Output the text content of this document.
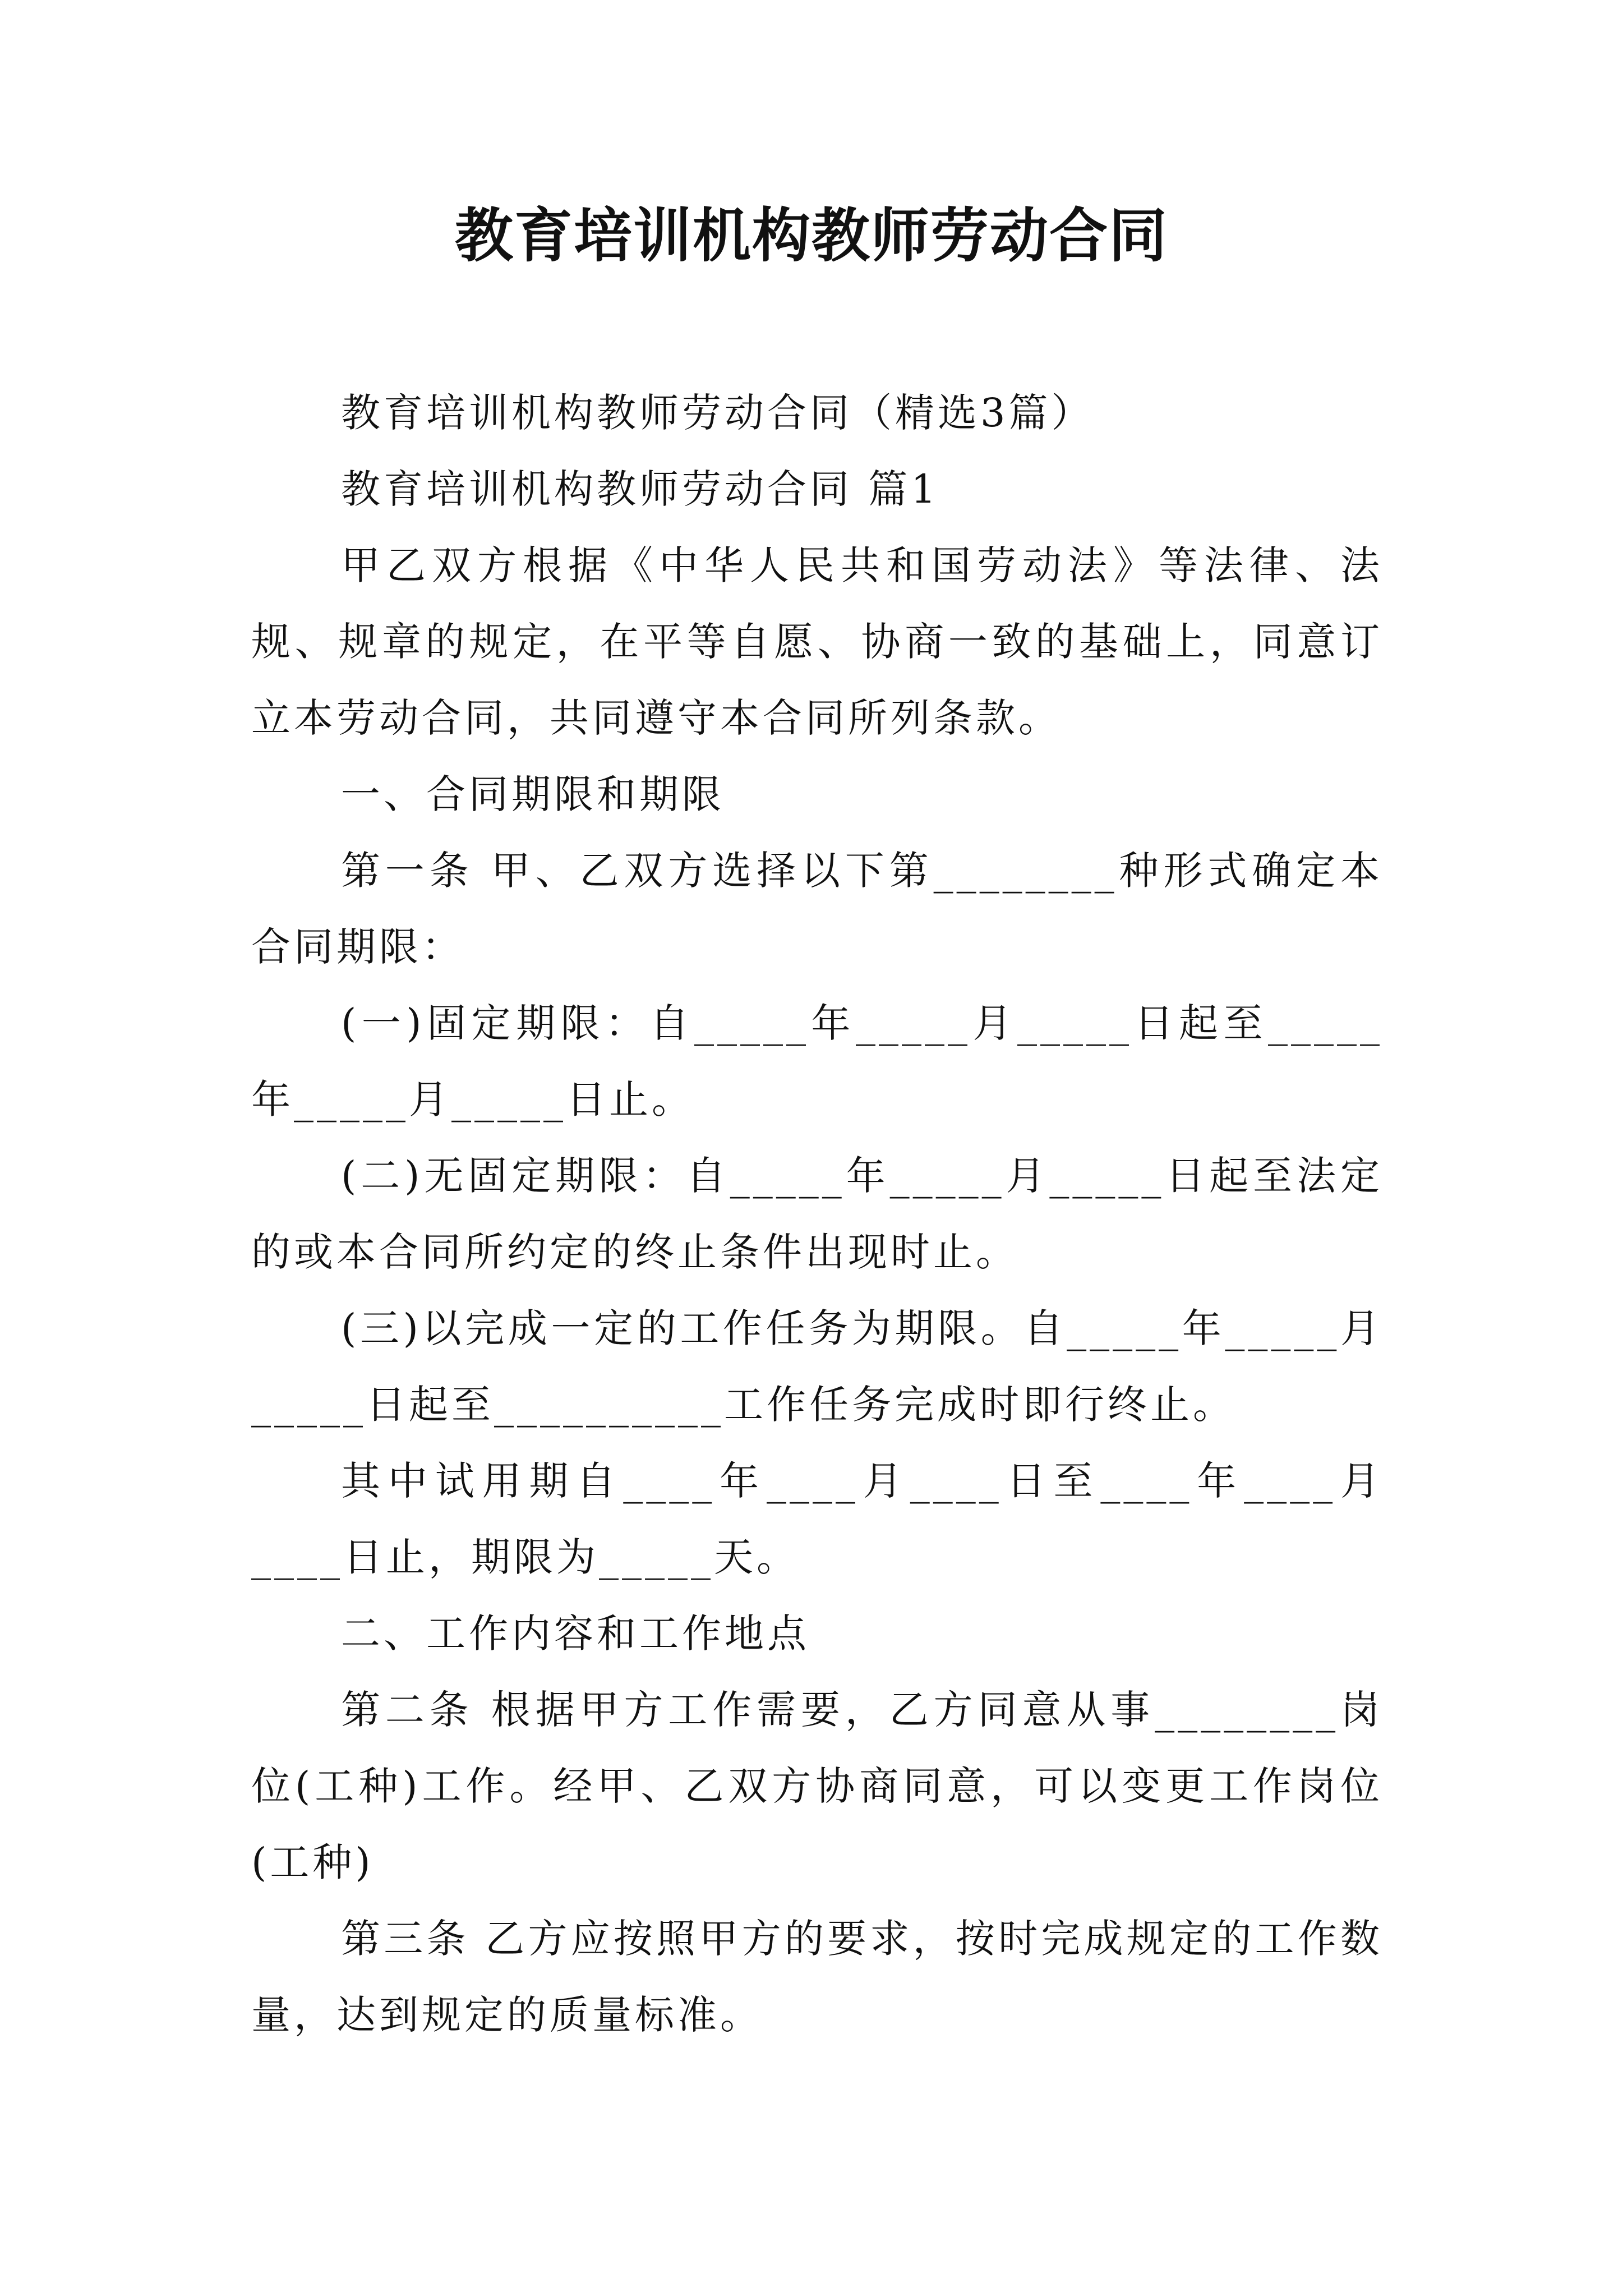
教育培训机构教师劳动合同

教育培训机构教师劳动合同（精选3篇）

教育培训机构教师劳动合同 篇1

甲乙双方根据《中华人民共和国劳动法》等法律、法规、规章的规定，在平等自愿、协商一致的基础上，同意订立本劳动合同，共同遵守本合同所列条款。

一、合同期限和期限

第一条 甲、乙双方选择以下第________种形式确定本合同期限：

(一)固定期限：自_____年_____月_____日起至_____年_____月_____日止。

(二)无固定期限：自_____年_____月_____日起至法定的或本合同所约定的终止条件出现时止。

(三)以完成一定的工作任务为期限。自_____年_____月_____日起至__________工作任务完成时即行终止。

其中试用期自____年____月____日至____年____月____日止，期限为_____天。

二、工作内容和工作地点

第二条 根据甲方工作需要，乙方同意从事________岗位(工种)工作。经甲、乙双方协商同意，可以变更工作岗位(工种)

第三条 乙方应按照甲方的要求，按时完成规定的工作数量，达到规定的质量标准。
